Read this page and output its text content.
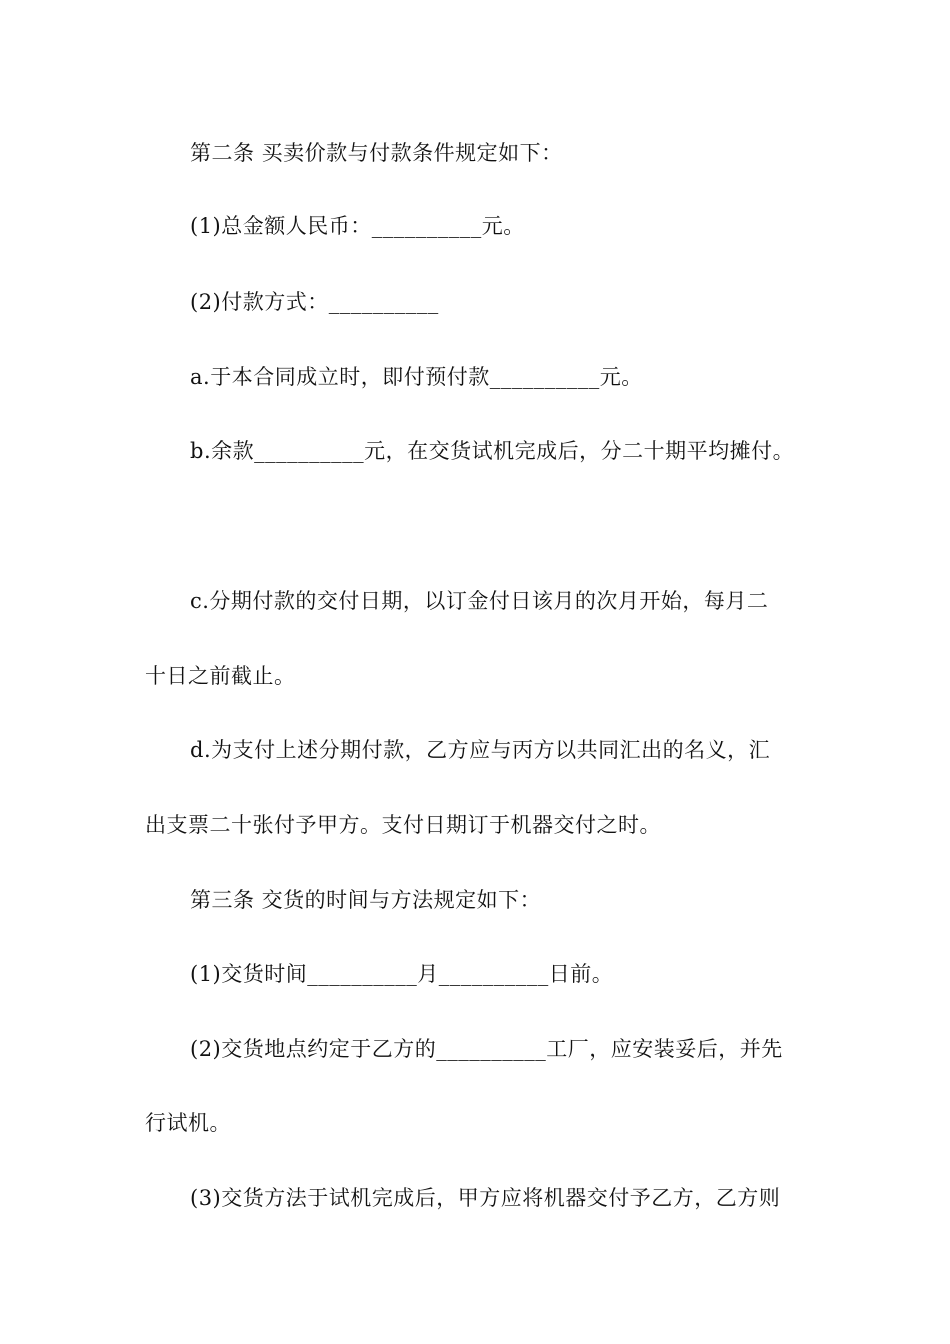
第二条 买卖价款与付款条件规定如下：
(1)总金额人民币：__________元。
(2)付款方式：__________
a.于本合同成立时，即付预付款__________元。
b.余款__________元，在交货试机完成后，分二十期平均摊付。
c.分期付款的交付日期，以订金付日该月的次月开始，每月二
十日之前截止。
d.为支付上述分期付款，乙方应与丙方以共同汇出的名义，汇
出支票二十张付予甲方。支付日期订于机器交付之时。
第三条 交货的时间与方法规定如下：
(1)交货时间__________月__________日前。
(2)交货地点约定于乙方的__________工厂，应安装妥后，并先
行试机。
(3)交货方法于试机完成后，甲方应将机器交付予乙方，乙方则
